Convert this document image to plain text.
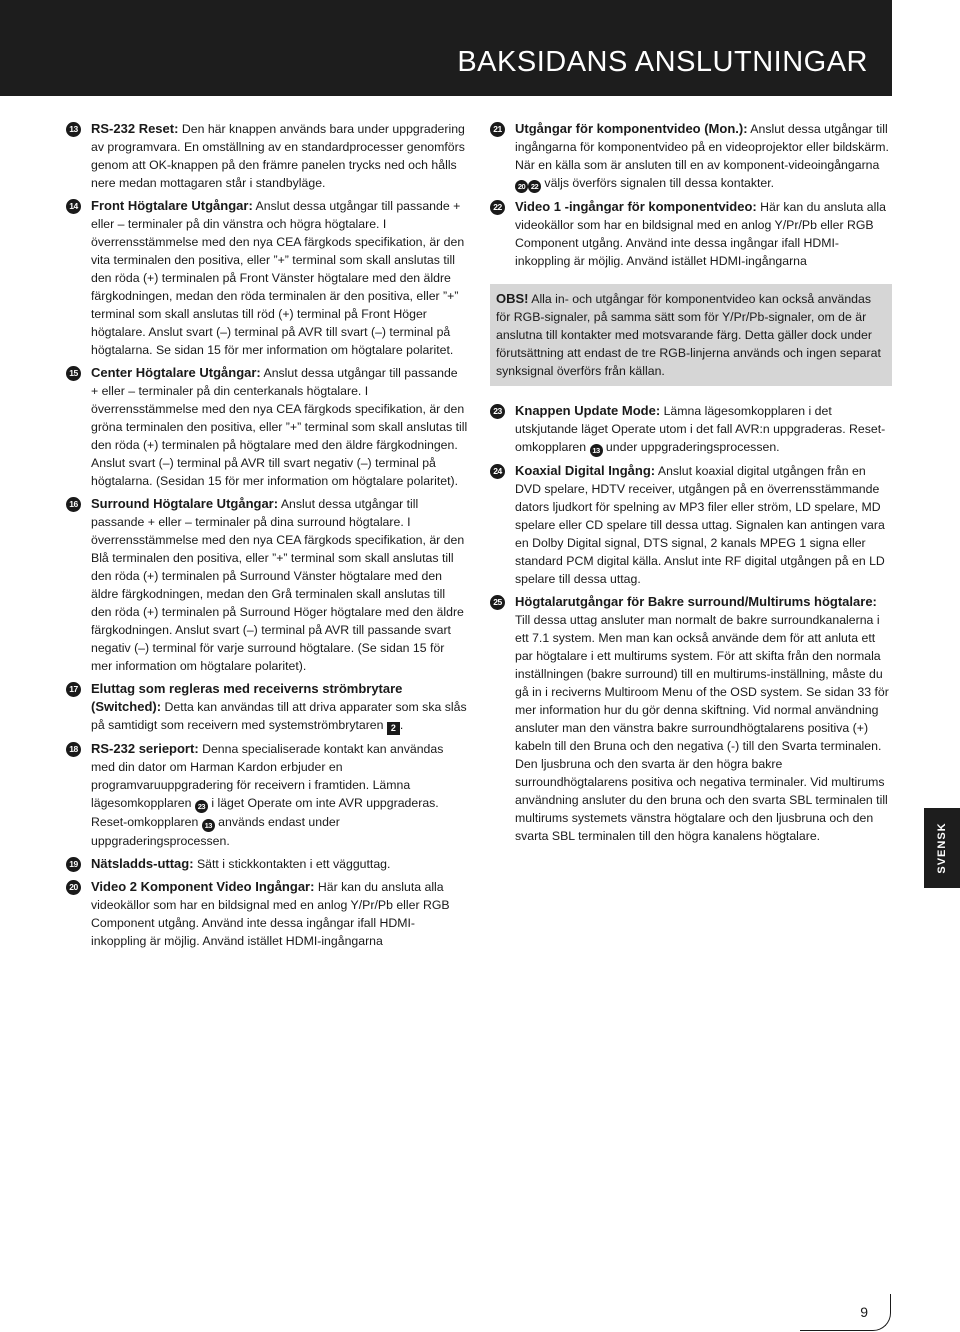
BAKSIDANS ANSLUTNINGAR
13 RS-232 Reset: Den här knappen används bara under uppgradering av programvara. En omställning av en standardprocesser genomförs genom att OK-knappen på den främre panelen trycks ned och hålls nere medan mottagaren står i standbyläge.
14 Front Högtalare Utgångar: Anslut dessa utgångar till passande + eller – terminaler på din vänstra och högra högtalare. I överrensstämmelse med den nya CEA färgkods specifikation, är den vita terminalen den positiva, eller ”+” terminal som skall anslutas till den röda (+) terminalen på Front Vänster högtalare med den äldre färgkodningen, medan den röda terminalen är den positiva, eller ”+” terminal som skall anslutas till röd (+) terminal på Front Höger högtalare. Anslut svart (–) terminal på AVR till svart (–) terminal på högtalarna. Se sidan 15 för mer information om högtalare polaritet.
15 Center Högtalare Utgångar: Anslut dessa utgångar till passande + eller – terminaler på din centerkanals högtalare. I överrensstämmelse med den nya CEA färgkods specifikation, är den gröna terminalen den positiva, eller ”+” terminal som skall anslutas till den röda (+) terminalen på högtalare med den äldre färgkodningen. Anslut svart (–) terminal på AVR till svart negativ (–) terminal på högtalarna. (Sesidan 15 för mer information om högtalare polaritet).
16 Surround Högtalare Utgångar: Anslut dessa utgångar till passande + eller – terminaler på dina surround högtalare. I överrensstämmelse med den nya CEA färgkods specifikation, är den Blå terminalen den positiva, eller ”+” terminal som skall anslutas till den röda (+) terminalen på Surround Vänster högtalare med den äldre färgkodningen, medan den Grå terminalen skall anslutas till den röda (+) terminalen på Surround Höger högtalare med den äldre färgkodningen. Anslut svart (–) terminal på AVR till passande svart negativ (–) terminal för varje surround högtalare. (Se sidan 15 för mer information om högtalare polaritet).
17 Eluttag som regleras med receiverns strömbrytare (Switched): Detta kan användas till att driva apparater som ska slås på samtidigt som receivern med systemströmbrytaren 2 .
18 RS-232 serieport: Denna specialiserade kontakt kan användas med din dator om Harman Kardon erbjuder en programvaruuppgradering för receivern i framtiden. Lämna lägesomkopplaren 23 i läget Operate om inte AVR uppgraderas. Reset-omkopplaren 13 används endast under uppgraderingsprocessen.
19 Nätsladds-uttag: Sätt i stickkontakten i ett vägguttag.
20 Video 2 Komponent Video Ingångar: Här kan du ansluta alla videokällor som har en bildsignal med en anlog Y/Pr/Pb eller RGB Component utgång. Använd inte dessa ingångar ifall HDMI-inkoppling är möjlig. Använd istället HDMI-ingångarna
21 Utgångar för komponentvideo (Mon.): Anslut dessa utgångar till ingångarna för komponentvideo på en videoprojektor eller bildskärm. När en källa som är ansluten till en av komponent-videoingångarna 20 22 väljs överförs signalen till dessa kontakter.
22 Video 1 -ingångar för komponentvideo: Här kan du ansluta alla videokällor som har en bildsignal med en anlog Y/Pr/Pb eller RGB Component utgång. Använd inte dessa ingångar ifall HDMI-inkoppling är möjlig. Använd istället HDMI-ingångarna
OBS! Alla in- och utgångar för komponentvideo kan också användas för RGB-signaler, på samma sätt som för Y/Pr/Pb-signaler, om de är anslutna till kontakter med motsvarande färg. Detta gäller dock under förutsättning att endast de tre RGB-linjerna används och ingen separat synksignal överförs från källan.
23 Knappen Update Mode: Lämna lägesomkopplaren i det utskjutande läget Operate utom i det fall AVR:n uppgraderas. Reset-omkopplaren 13 under uppgraderingsprocessen.
24 Koaxial Digital Ingång: Anslut koaxial digital utgången från en DVD spelare, HDTV receiver, utgången på en överrensstämmande dators ljudkort för spelning av MP3 filer eller ström, LD spelare, MD spelare eller CD spelare till dessa uttag. Signalen kan antingen vara en Dolby Digital signal, DTS signal, 2 kanals MPEG 1 signa eller standard PCM digital källa. Anslut inte RF digital utgången på en LD spelare till dessa uttag.
25 Högtalarutgångar för Bakre surround/Multirums högtalare: Till dessa uttag ansluter man normalt de bakre surroundkanalerna i ett 7.1 system. Men man kan också använde dem för att anluta ett par högtalare i ett multirums system. För att skifta från den normala inställningen (bakre surround) till en multirums-inställning, måste du gå in i reciverns Multiroom Menu of the OSD system. Se sidan 33 för mer information hur du gör denna skiftning. Vid normal användning ansluter man den vänstra bakre surroundhögtalarens positiva (+) kabeln till den Bruna och den negativa (-) till den Svarta terminalen. Den ljusbruna och den svarta är den högra bakre surroundhögtalarens positiva och negativa terminaler. Vid multirums användning ansluter du den bruna och den svarta SBL terminalen till multirums systemets vänstra högtalare och den ljusbruna och den svarta SBL terminalen till den högra kanalens högtalare.	SVENSK
9
